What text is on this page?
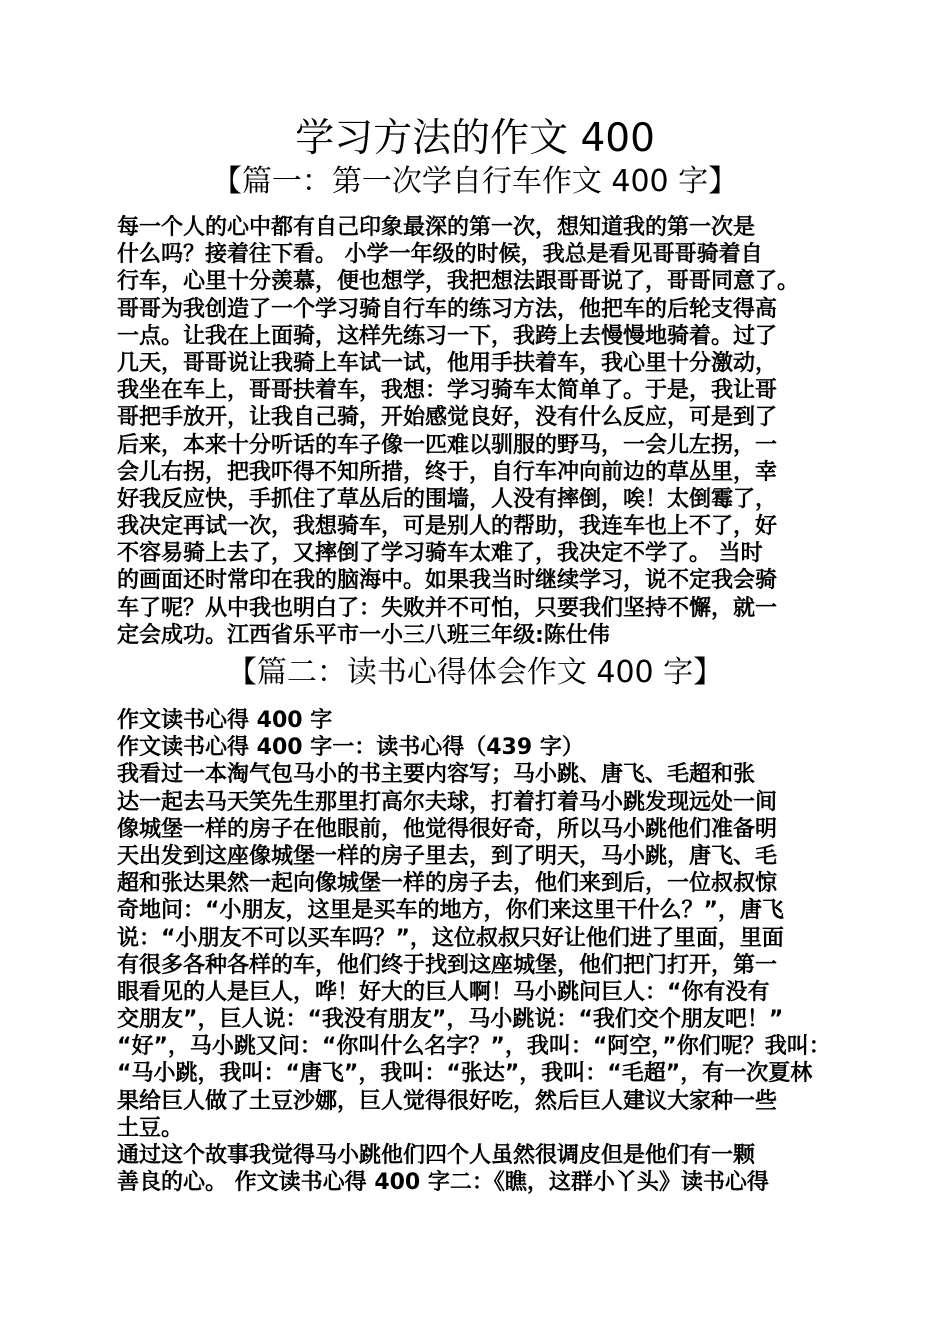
学习方法的作文 400
【篇一：第一次学自行车作文 400 字】
每一个人的心中都有自己印象最深的第一次，想知道我的第一次是
什么吗？接着往下看。 小学一年级的时候，我总是看见哥哥骑着自
行车，心里十分羡慕，便也想学，我把想法跟哥哥说了，哥哥同意了。
哥哥为我创造了一个学习骑自行车的练习方法，他把车的后轮支得高
一点。让我在上面骑，这样先练习一下，我跨上去慢慢地骑着。过了
几天，哥哥说让我骑上车试一试，他用手扶着车，我心里十分激动，
我坐在车上，哥哥扶着车，我想：学习骑车太简单了。于是，我让哥
哥把手放开，让我自己骑，开始感觉良好，没有什么反应，可是到了
后来，本来十分听话的车子像一匹难以驯服的野马，一会儿左拐，一
会儿右拐，把我吓得不知所措，终于，自行车冲向前边的草丛里，幸
好我反应快，手抓住了草丛后的围墙，人没有摔倒，唉！太倒霉了，
我决定再试一次，我想骑车，可是别人的帮助，我连车也上不了，好
不容易骑上去了，又摔倒了学习骑车太难了，我决定不学了。 当时
的画面还时常印在我的脑海中。如果我当时继续学习，说不定我会骑
车了呢？从中我也明白了：失败并不可怕，只要我们坚持不懈，就一
定会成功。江西省乐平市一小三八班三年级:陈仕伟
【篇二：读书心得体会作文 400 字】
作文读书心得 400 字
作文读书心得 400 字一：读书心得（439 字）
我看过一本淘气包马小的书主要内容写；马小跳、唐飞、毛超和张
达一起去马天笑先生那里打高尔夫球，打着打着马小跳发现远处一间
像城堡一样的房子在他眼前，他觉得很好奇，所以马小跳他们准备明
天出发到这座像城堡一样的房子里去，到了明天，马小跳，唐飞、毛
超和张达果然一起向像城堡一样的房子去，他们来到后，一位叔叔惊
奇地问：“小朋友，这里是买车的地方，你们来这里干什么？”，唐飞
说：“小朋友不可以买车吗？”，这位叔叔只好让他们进了里面，里面
有很多各种各样的车，他们终于找到这座城堡，他们把门打开，第一
眼看见的人是巨人，哗！好大的巨人啊！马小跳问巨人：“你有没有
交朋友”，巨人说：“我没有朋友”，马小跳说：“我们交个朋友吧！”
“好”，马小跳又问：“你叫什么名字？”，我叫：“阿空，”你们呢？我叫：
“马小跳，我叫：“唐飞”，我叫：“张达”，我叫：“毛超”，有一次夏林
果给巨人做了土豆沙娜，巨人觉得很好吃，然后巨人建议大家种一些
土豆。
通过这个故事我觉得马小跳他们四个人虽然很调皮但是他们有一颗
善良的心。 作文读书心得 400 字二：《瞧，这群小丫头》读书心得
